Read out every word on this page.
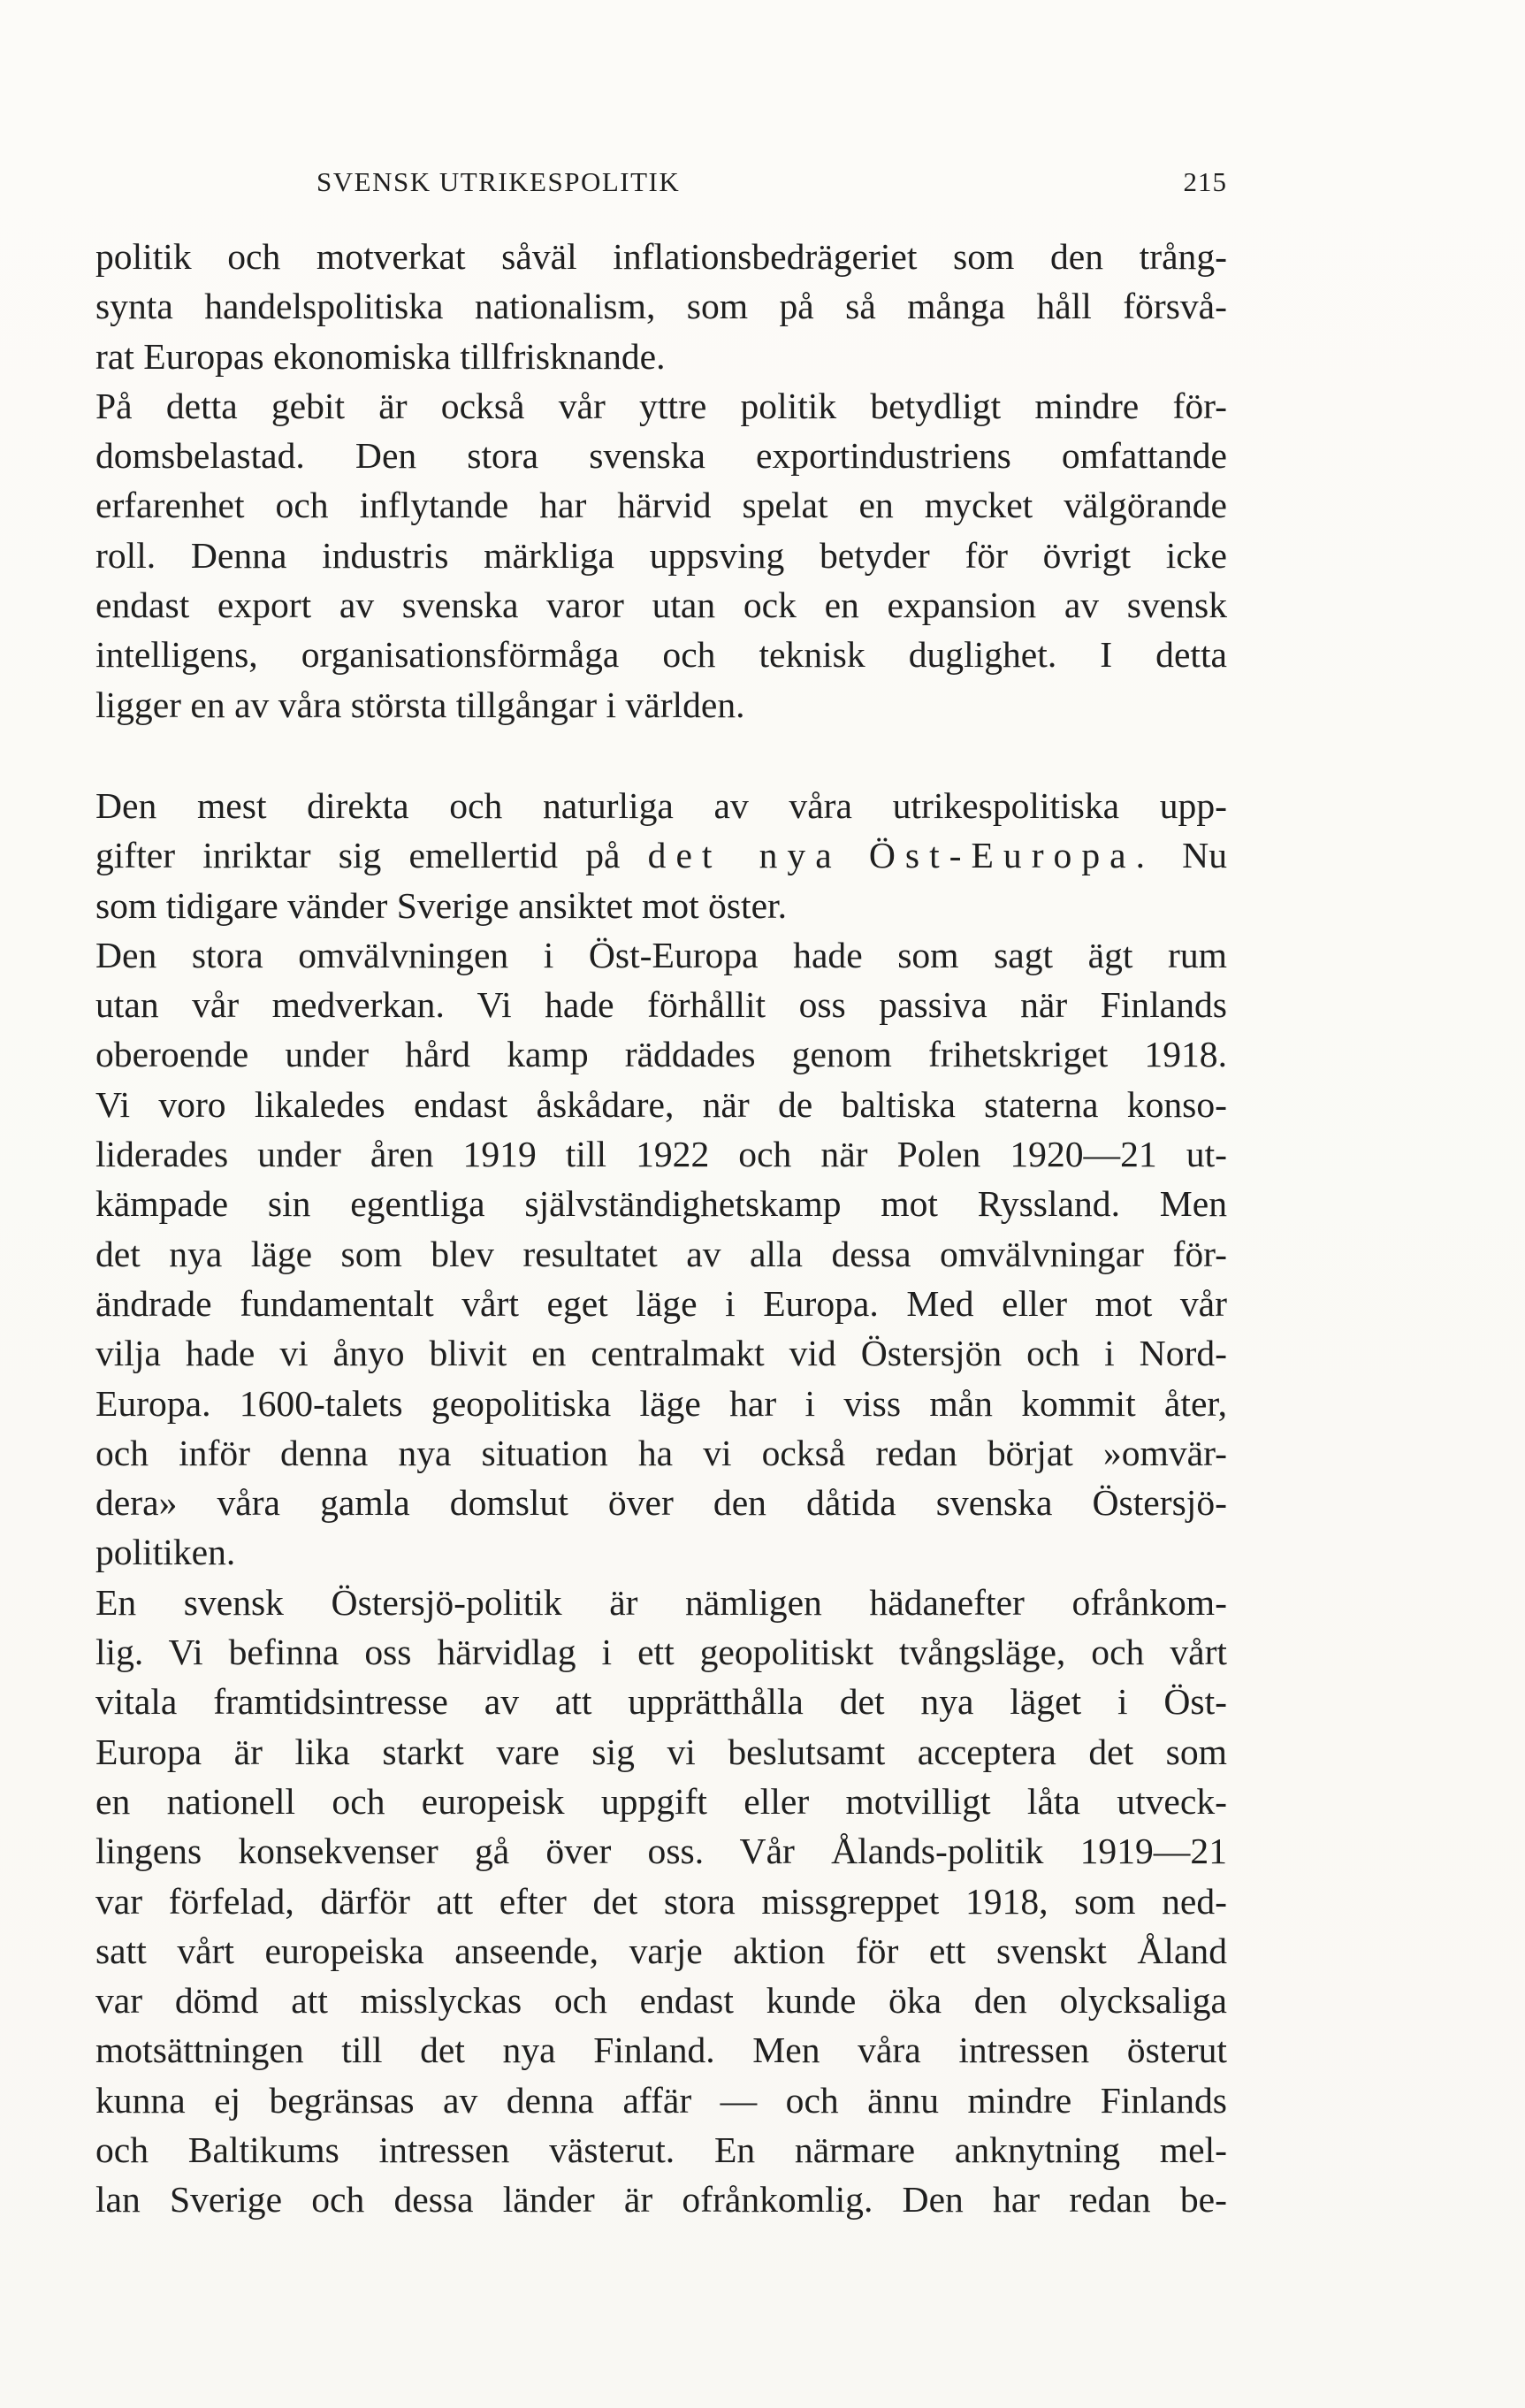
SVENSK UTRIKESPOLITIK	215
politik och motverkat såväl inflationsbedrägeriet som den trång-
synta handelspolitiska nationalism, som på så många håll försvå-
rat Europas ekonomiska tillfrisknande.
På detta gebit är också vår yttre politik betydligt mindre för-
domsbelastad. Den stora svenska exportindustriens omfattande
erfarenhet och inflytande har härvid spelat en mycket välgörande
roll. Denna industris märkliga uppsving betyder för övrigt icke
endast export av svenska varor utan ock en expansion av svensk
intelligens, organisationsförmåga och teknisk duglighet. I detta
ligger en av våra största tillgångar i världen.
Den mest direkta och naturliga av våra utrikespolitiska upp-
gifter inriktar sig emellertid på det nya Öst-Europa. Nu
som tidigare vänder Sverige ansiktet mot öster.
Den stora omvälvningen i Öst-Europa hade som sagt ägt rum
utan vår medverkan. Vi hade förhållit oss passiva när Finlands
oberoende under hård kamp räddades genom frihetskriget 1918.
Vi voro likaledes endast åskådare, när de baltiska staterna konso-
liderades under åren 1919 till 1922 och när Polen 1920—21 ut-
kämpade sin egentliga självständighetskamp mot Ryssland. Men
det nya läge som blev resultatet av alla dessa omvälvningar för-
ändrade fundamentalt vårt eget läge i Europa. Med eller mot vår
vilja hade vi ånyo blivit en centralmakt vid Östersjön och i Nord-
Europa. 1600-talets geopolitiska läge har i viss mån kommit åter,
och inför denna nya situation ha vi också redan börjat »omvär-
dera» våra gamla domslut över den dåtida svenska Östersjö-
politiken.
En svensk Östersjö-politik är nämligen hädanefter ofrånkom-
lig. Vi befinna oss härvidlag i ett geopolitiskt tvångsläge, och vårt
vitala framtidsintresse av att upprätthålla det nya läget i Öst-
Europa är lika starkt vare sig vi beslutsamt acceptera det som
en nationell och europeisk uppgift eller motvilligt låta utveck-
lingens konsekvenser gå över oss. Vår Ålands-politik 1919—21
var förfelad, därför att efter det stora missgreppet 1918, som ned-
satt vårt europeiska anseende, varje aktion för ett svenskt Åland
var dömd att misslyckas och endast kunde öka den olycksaliga
motsättningen till det nya Finland. Men våra intressen österut
kunna ej begränsas av denna affär — och ännu mindre Finlands
och Baltikums intressen västerut. En närmare anknytning mel-
lan Sverige och dessa länder är ofrånkomlig. Den har redan be-
